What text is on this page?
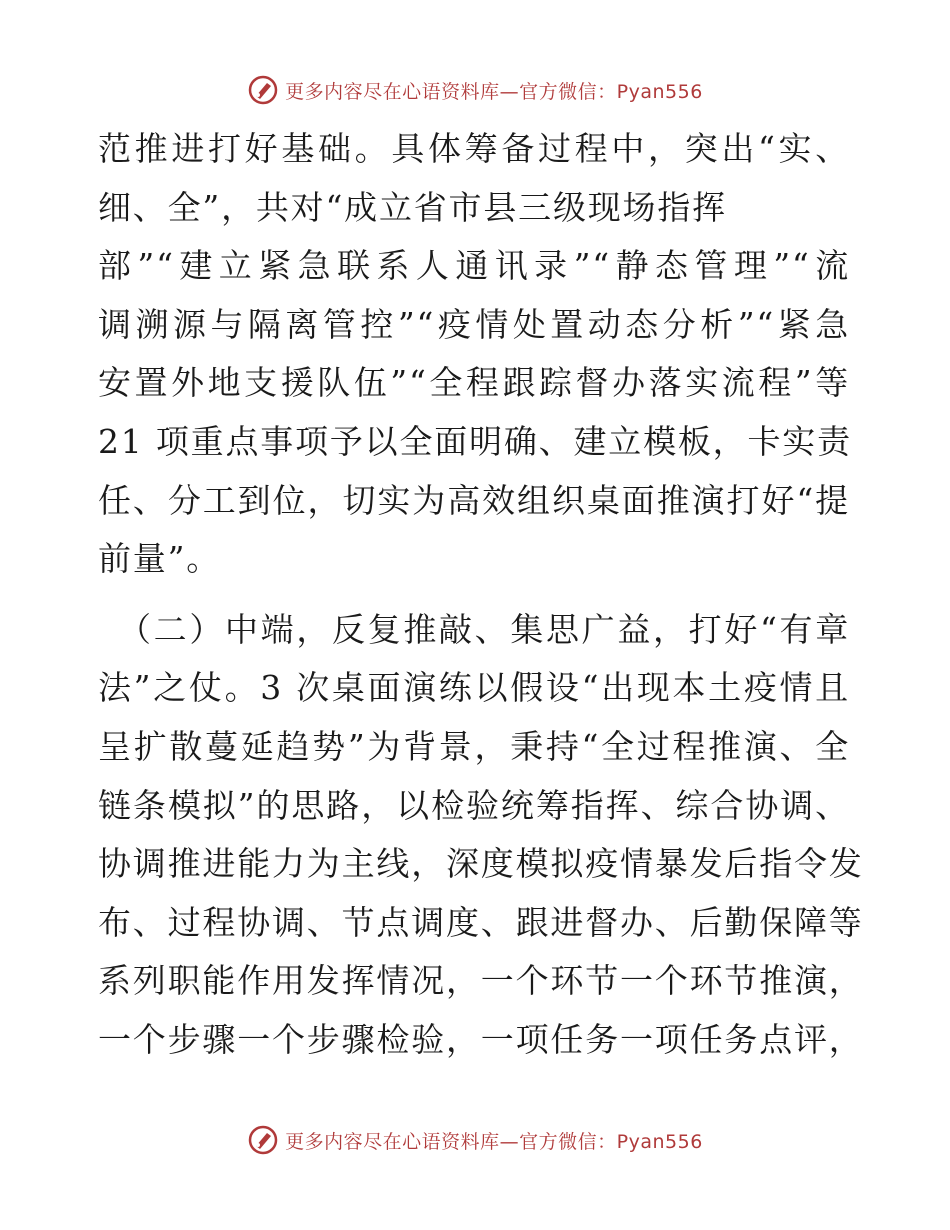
更多内容尽在心语资料库—官方微信：Pyan556
范推进打好基础。具体筹备过程中，突出“实、
细、全”，共对“成立省市县三级现场指挥
部”“建立紧急联系人通讯录”“静态管理”“流
调溯源与隔离管控”“疫情处置动态分析”“紧急
安置外地支援队伍”“全程跟踪督办落实流程”等
21 项重点事项予以全面明确、建立模板，卡实责
任、分工到位，切实为高效组织桌面推演打好“提
前量”。
（二）中端，反复推敲、集思广益，打好“有章
法”之仗。3 次桌面演练以假设“出现本土疫情且
呈扩散蔓延趋势”为背景，秉持“全过程推演、全
链条模拟”的思路，以检验统筹指挥、综合协调、
协调推进能力为主线，深度模拟疫情暴发后指令发
布、过程协调、节点调度、跟进督办、后勤保障等
系列职能作用发挥情况，一个环节一个环节推演，
一个步骤一个步骤检验，一项任务一项任务点评，
更多内容尽在心语资料库—官方微信：Pyan556
